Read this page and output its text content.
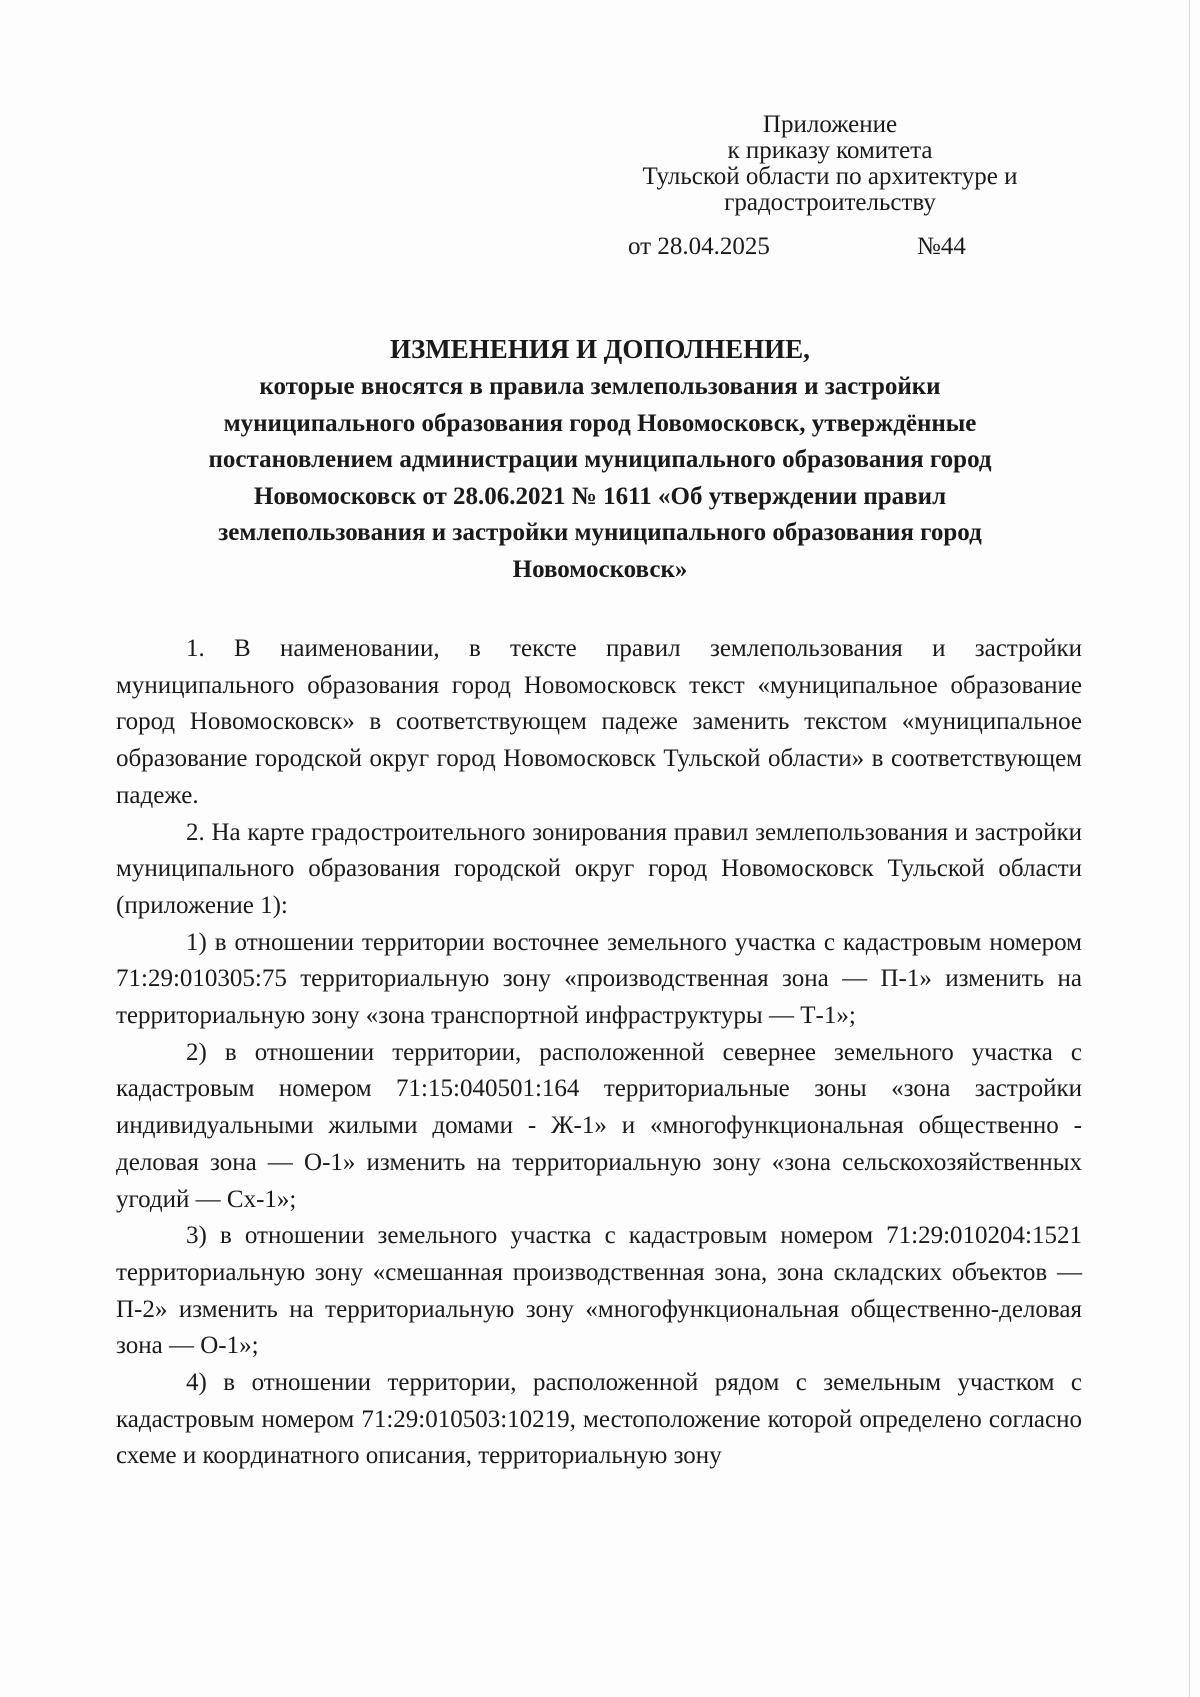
Приложение
к приказу комитета
Тульской области по архитектуре и
градостроительству
от 28.04.2025	№44
ИЗМЕНЕНИЯ И ДОПОЛНЕНИЕ,
которые вносятся в правила землепользования и застройки
муниципального образования город Новомосковск, утверждённые
постановлением администрации муниципального образования город
Новомосковск от 28.06.2021 № 1611 «Об утверждении правил
землепользования и застройки муниципального образования город
Новомосковск»

1. В наименовании, в тексте правил землепользования и застройки муниципального образования город Новомосковск текст «муниципальное образование город Новомосковск» в соответствующем падеже заменить текстом «муниципальное образование городской округ город Новомосковск Тульской области» в соответствующем падеже.

2. На карте градостроительного зонирования правил землепользования и застройки муниципального образования городской округ город Новомосковск Тульской области (приложение 1):

1) в отношении территории восточнее земельного участка с кадастровым номером 71:29:010305:75 территориальную зону «производственная зона — П-1» изменить на территориальную зону «зона транспортной инфраструктуры — Т-1»;

2) в отношении территории, расположенной севернее земельного участка с кадастровым номером 71:15:040501:164 территориальные зоны «зона застройки индивидуальными жилыми домами - Ж-1» и «многофункциональная общественно - деловая зона — О-1» изменить на территориальную зону «зона сельскохозяйственных угодий — Сх-1»;

3) в отношении земельного участка с кадастровым номером 71:29:010204:1521 территориальную зону «смешанная производственная зона, зона складских объектов — П-2» изменить на территориальную зону «многофункциональная общественно-деловая зона — О-1»;

4) в отношении территории, расположенной рядом с земельным участком с кадастровым номером 71:29:010503:10219, местоположение которой определено согласно схеме и координатного описания, территориальную зону
